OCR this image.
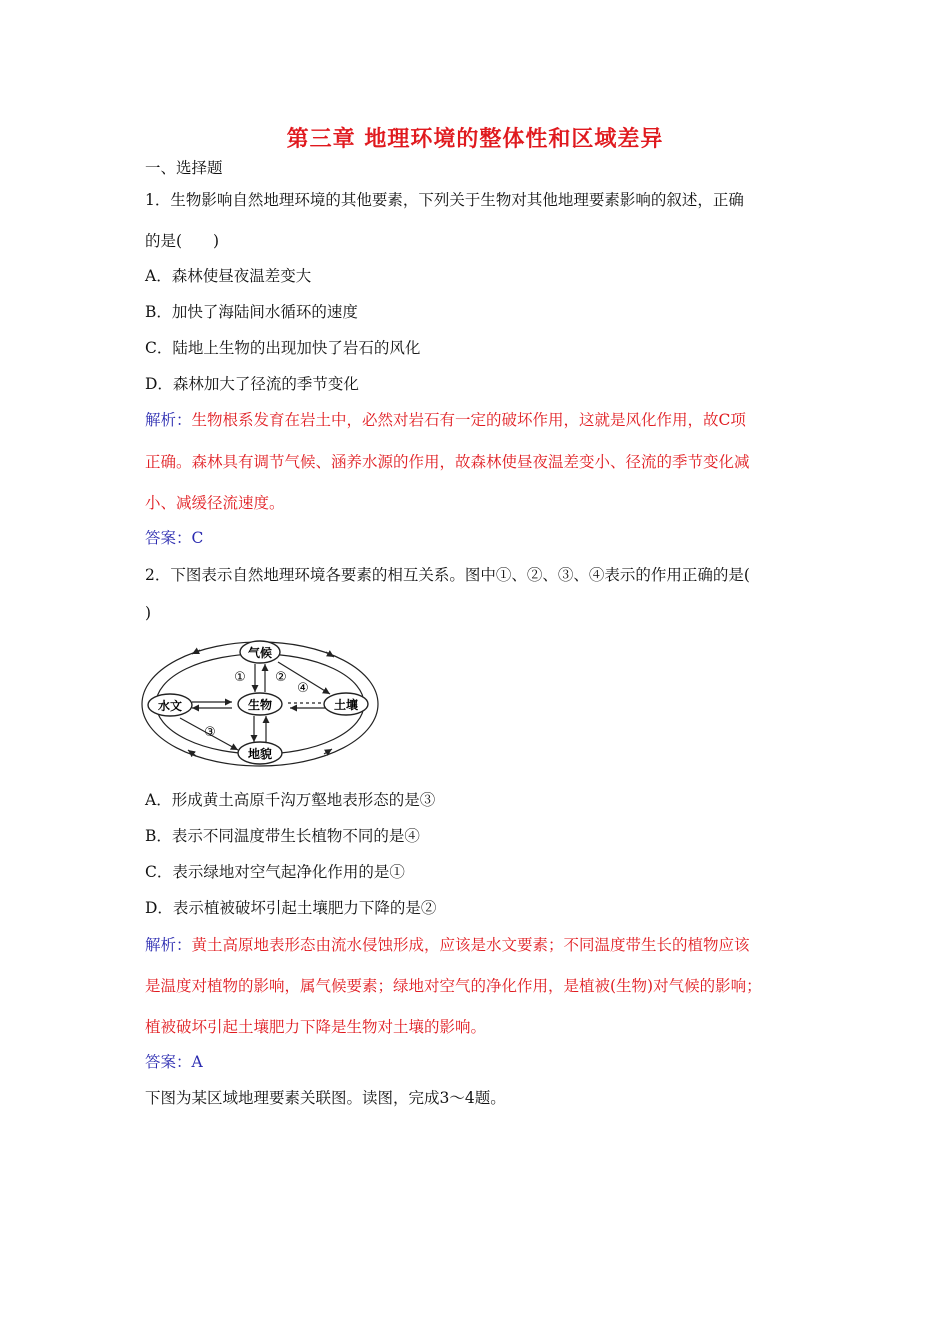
第三章 地理环境的整体性和区域差异
一、选择题
1．生物影响自然地理环境的其他要素，下列关于生物对其他地理要素影响的叙述，正确
的是(　　)
A．森林使昼夜温差变大
B．加快了海陆间水循环的速度
C．陆地上生物的出现加快了岩石的风化
D．森林加大了径流的季节变化
解析：生物根系发育在岩土中，必然对岩石有一定的破坏作用，这就是风化作用，故C项
正确。森林具有调节气候、涵养水源的作用，故森林使昼夜温差变小、径流的季节变化减
小、减缓径流速度。
答案：C
2．下图表示自然地理环境各要素的相互关系。图中①、②、③、④表示的作用正确的是(
)
气候
水文	生物	土壤
地貌
① ②
③
④
A．形成黄土高原千沟万壑地表形态的是③
B．表示不同温度带生长植物不同的是④
C．表示绿地对空气起净化作用的是①
D．表示植被破坏引起土壤肥力下降的是②
解析：黄土高原地表形态由流水侵蚀形成，应该是水文要素；不同温度带生长的植物应该
是温度对植物的影响，属气候要素；绿地对空气的净化作用，是植被(生物)对气候的影响；
植被破坏引起土壤肥力下降是生物对土壤的影响。
答案：A
下图为某区域地理要素关联图。读图，完成3～4题。
